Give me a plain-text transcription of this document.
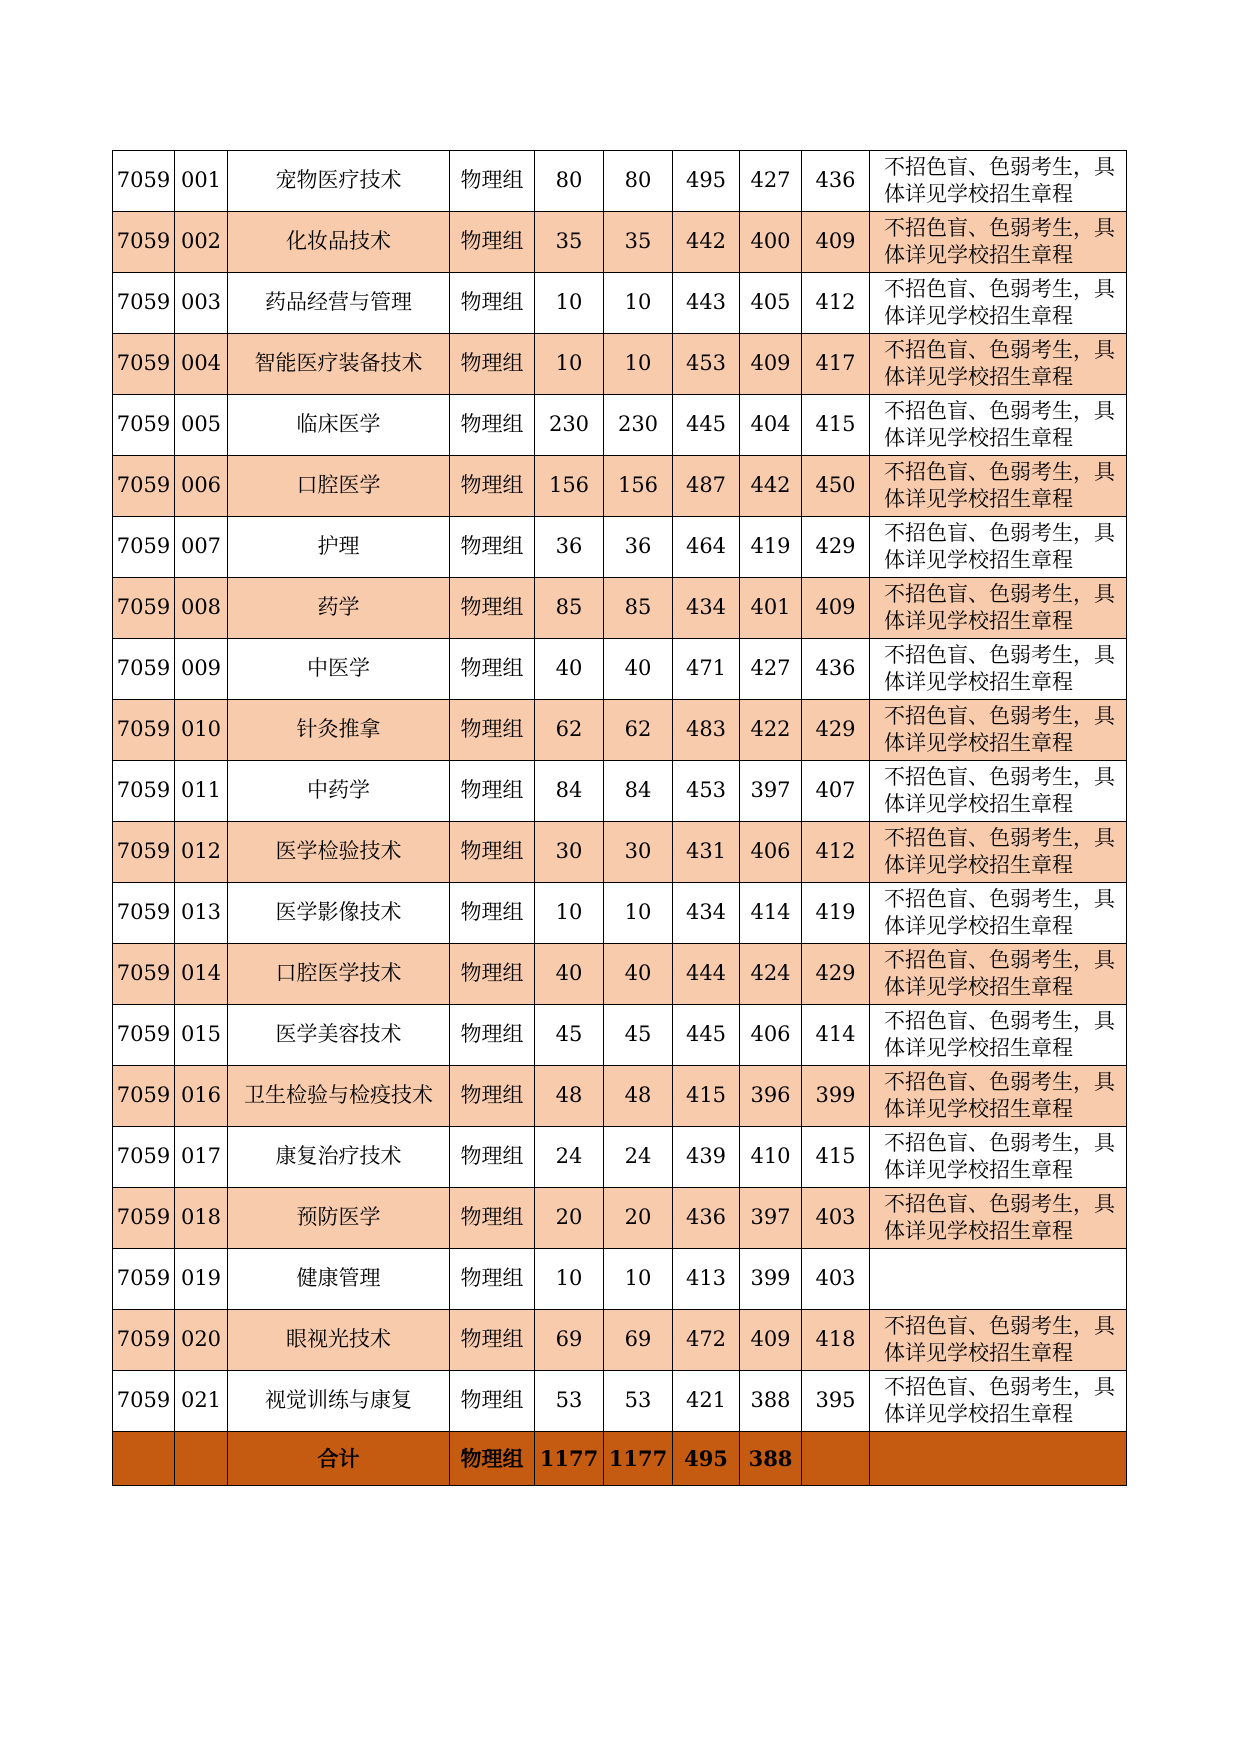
7059	001	宠物医疗技术	物理组	80	80	495	427	436	不招色盲、色弱考生，具体详见学校招生章程
7059	002	化妆品技术	物理组	35	35	442	400	409	不招色盲、色弱考生，具体详见学校招生章程
7059	003	药品经营与管理	物理组	10	10	443	405	412	不招色盲、色弱考生，具体详见学校招生章程
7059	004	智能医疗装备技术	物理组	10	10	453	409	417	不招色盲、色弱考生，具体详见学校招生章程
7059	005	临床医学	物理组	230	230	445	404	415	不招色盲、色弱考生，具体详见学校招生章程
7059	006	口腔医学	物理组	156	156	487	442	450	不招色盲、色弱考生，具体详见学校招生章程
7059	007	护理	物理组	36	36	464	419	429	不招色盲、色弱考生，具体详见学校招生章程
7059	008	药学	物理组	85	85	434	401	409	不招色盲、色弱考生，具体详见学校招生章程
7059	009	中医学	物理组	40	40	471	427	436	不招色盲、色弱考生，具体详见学校招生章程
7059	010	针灸推拿	物理组	62	62	483	422	429	不招色盲、色弱考生，具体详见学校招生章程
7059	011	中药学	物理组	84	84	453	397	407	不招色盲、色弱考生，具体详见学校招生章程
7059	012	医学检验技术	物理组	30	30	431	406	412	不招色盲、色弱考生，具体详见学校招生章程
7059	013	医学影像技术	物理组	10	10	434	414	419	不招色盲、色弱考生，具体详见学校招生章程
7059	014	口腔医学技术	物理组	40	40	444	424	429	不招色盲、色弱考生，具体详见学校招生章程
7059	015	医学美容技术	物理组	45	45	445	406	414	不招色盲、色弱考生，具体详见学校招生章程
7059	016	卫生检验与检疫技术	物理组	48	48	415	396	399	不招色盲、色弱考生，具体详见学校招生章程
7059	017	康复治疗技术	物理组	24	24	439	410	415	不招色盲、色弱考生，具体详见学校招生章程
7059	018	预防医学	物理组	20	20	436	397	403	不招色盲、色弱考生，具体详见学校招生章程
7059	019	健康管理	物理组	10	10	413	399	403	
7059	020	眼视光技术	物理组	69	69	472	409	418	不招色盲、色弱考生，具体详见学校招生章程
7059	021	视觉训练与康复	物理组	53	53	421	388	395	不招色盲、色弱考生，具体详见学校招生章程
		合计	物理组	1177	1177	495	388		
